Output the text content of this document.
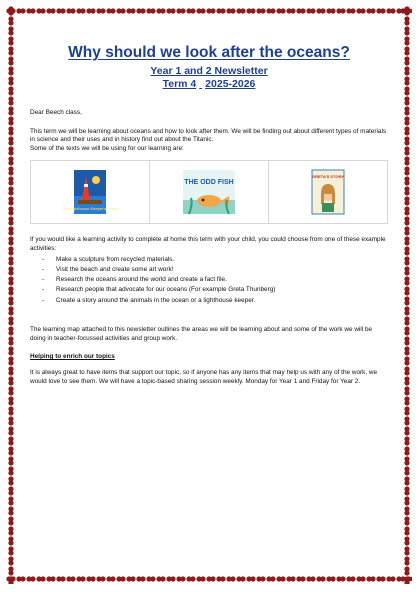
Why should we look after the oceans?
Year 1 and 2 Newsletter
Term 4 2025-2026

Dear Beech class,

This term we will be learning about oceans and how to look after them. We will be finding out about different types of materials in science and their uses and in history find out about the Titanic.

Some of the texts we will be using for our learning are:

The Lighthouse Keeper's Lunch
THE ODD FISH
GRETA'S STORY

If you would like a learning activity to complete at home this term with your child, you could choose from one of these example activities:

-	Make a sculpture from recycled materials.
-	Visit the beach and create some art work!
-	Research the oceans around the world and create a fact file.
-	Research people that advocate for our oceans (For example Greta Thunberg)
-	Create a story around the animals in the ocean or a lighthouse keeper.

The learning map attached to this newsletter outlines the areas we will be learning about and some of the work we will be doing in teacher-focussed activities and group work.

Helping to enrich our topics

It is always great to have items that support our topic, so if anyone has any items that may help us with any of the work, we would love to see them. We will have a topic-based sharing session weekly. Monday for Year 1 and Friday for Year 2.
